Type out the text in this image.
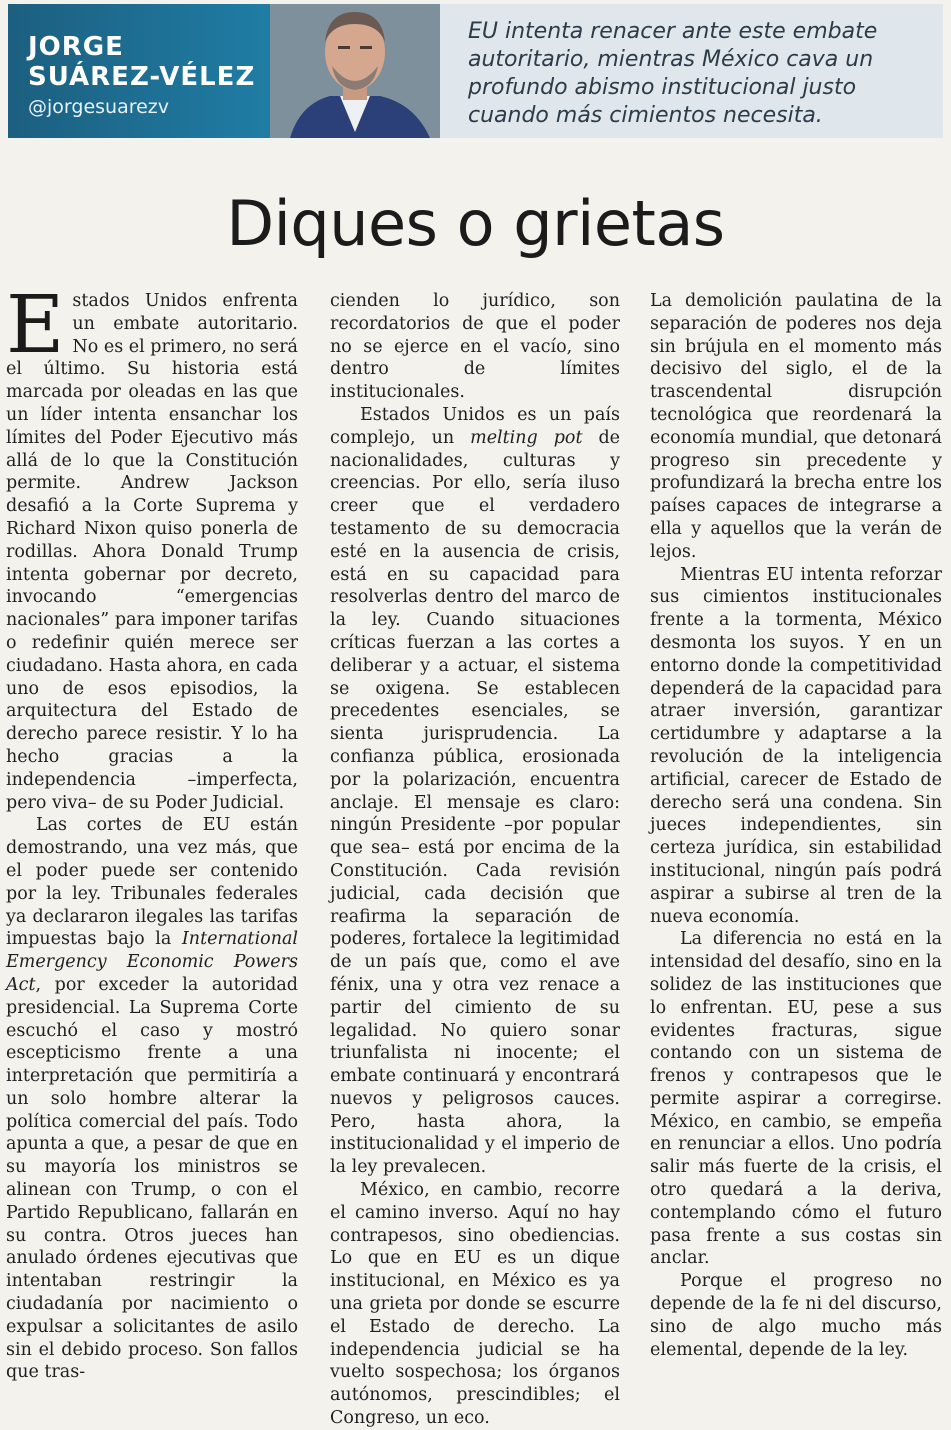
JORGE
SUÁREZ-VÉLEZ
@jorgesuarezv
EU intenta renacer ante este embate autoritario, mientras México cava un profundo abismo institucional justo cuando más cimientos necesita.
Diques o grietas

Estados Unidos enfrenta un embate autoritario. No es el primero, no será el último. Su historia está marcada por oleadas en las que un líder intenta ensanchar los límites del Poder Ejecutivo más allá de lo que la Constitución permite. Andrew Jackson desafió a la Corte Suprema y Richard Nixon quiso ponerla de rodillas. Ahora Donald Trump intenta gobernar por decreto, invocando “emergencias nacionales” para imponer tarifas o redefinir quién merece ser ciudadano. Hasta ahora, en cada uno de esos episodios, la arquitectura del Estado de derecho parece resistir. Y lo ha hecho gracias a la independencia –imperfecta, pero viva– de su Poder Judicial.

Las cortes de EU están demostrando, una vez más, que el poder puede ser contenido por la ley. Tribunales federales ya declararon ilegales las tarifas impuestas bajo la International Emergency Economic Powers Act, por exceder la autoridad presidencial. La Suprema Corte escuchó el caso y mostró escepticismo frente a una interpretación que permitiría a un solo hombre alterar la política comercial del país. Todo apunta a que, a pesar de que en su mayoría los ministros se alinean con Trump, o con el Partido Republicano, fallarán en su contra. Otros jueces han anulado órdenes ejecutivas que intentaban restringir la ciudadanía por nacimiento o expulsar a solicitantes de asilo sin el debido proceso. Son fallos que tras-

cienden lo jurídico, son recordatorios de que el poder no se ejerce en el vacío, sino dentro de límites institucionales.

Estados Unidos es un país complejo, un melting pot de nacionalidades, culturas y creencias. Por ello, sería iluso creer que el verdadero testamento de su democracia esté en la ausencia de crisis, está en su capacidad para resolverlas dentro del marco de la ley. Cuando situaciones críticas fuerzan a las cortes a deliberar y a actuar, el sistema se oxigena. Se establecen precedentes esenciales, se sienta jurisprudencia. La confianza pública, erosionada por la polarización, encuentra anclaje. El mensaje es claro: ningún Presidente –por popular que sea– está por encima de la Constitución. Cada revisión judicial, cada decisión que reafirma la separación de poderes, fortalece la legitimidad de un país que, como el ave fénix, una y otra vez renace a partir del cimiento de su legalidad. No quiero sonar triunfalista ni inocente; el embate continuará y encontrará nuevos y peligrosos cauces. Pero, hasta ahora, la institucionalidad y el imperio de la ley prevalecen.

México, en cambio, recorre el camino inverso. Aquí no hay contrapesos, sino obediencias. Lo que en EU es un dique institucional, en México es ya una grieta por donde se escurre el Estado de derecho. La independencia judicial se ha vuelto sospechosa; los órganos autónomos, prescindibles; el Congreso, un eco.

La demolición paulatina de la separación de poderes nos deja sin brújula en el momento más decisivo del siglo, el de la trascendental disrupción tecnológica que reordenará la economía mundial, que detonará progreso sin precedente y profundizará la brecha entre los países capaces de integrarse a ella y aquellos que la verán de lejos.

Mientras EU intenta reforzar sus cimientos institucionales frente a la tormenta, México desmonta los suyos. Y en un entorno donde la competitividad dependerá de la capacidad para atraer inversión, garantizar certidumbre y adaptarse a la revolución de la inteligencia artificial, carecer de Estado de derecho será una condena. Sin jueces independientes, sin certeza jurídica, sin estabilidad institucional, ningún país podrá aspirar a subirse al tren de la nueva economía.

La diferencia no está en la intensidad del desafío, sino en la solidez de las instituciones que lo enfrentan. EU, pese a sus evidentes fracturas, sigue contando con un sistema de frenos y contrapesos que le permite aspirar a corregirse. México, en cambio, se empeña en renunciar a ellos. Uno podría salir más fuerte de la crisis, el otro quedará a la deriva, contemplando cómo el futuro pasa frente a sus costas sin anclar.

Porque el progreso no depende de la fe ni del discurso, sino de algo mucho más elemental, depende de la ley.
